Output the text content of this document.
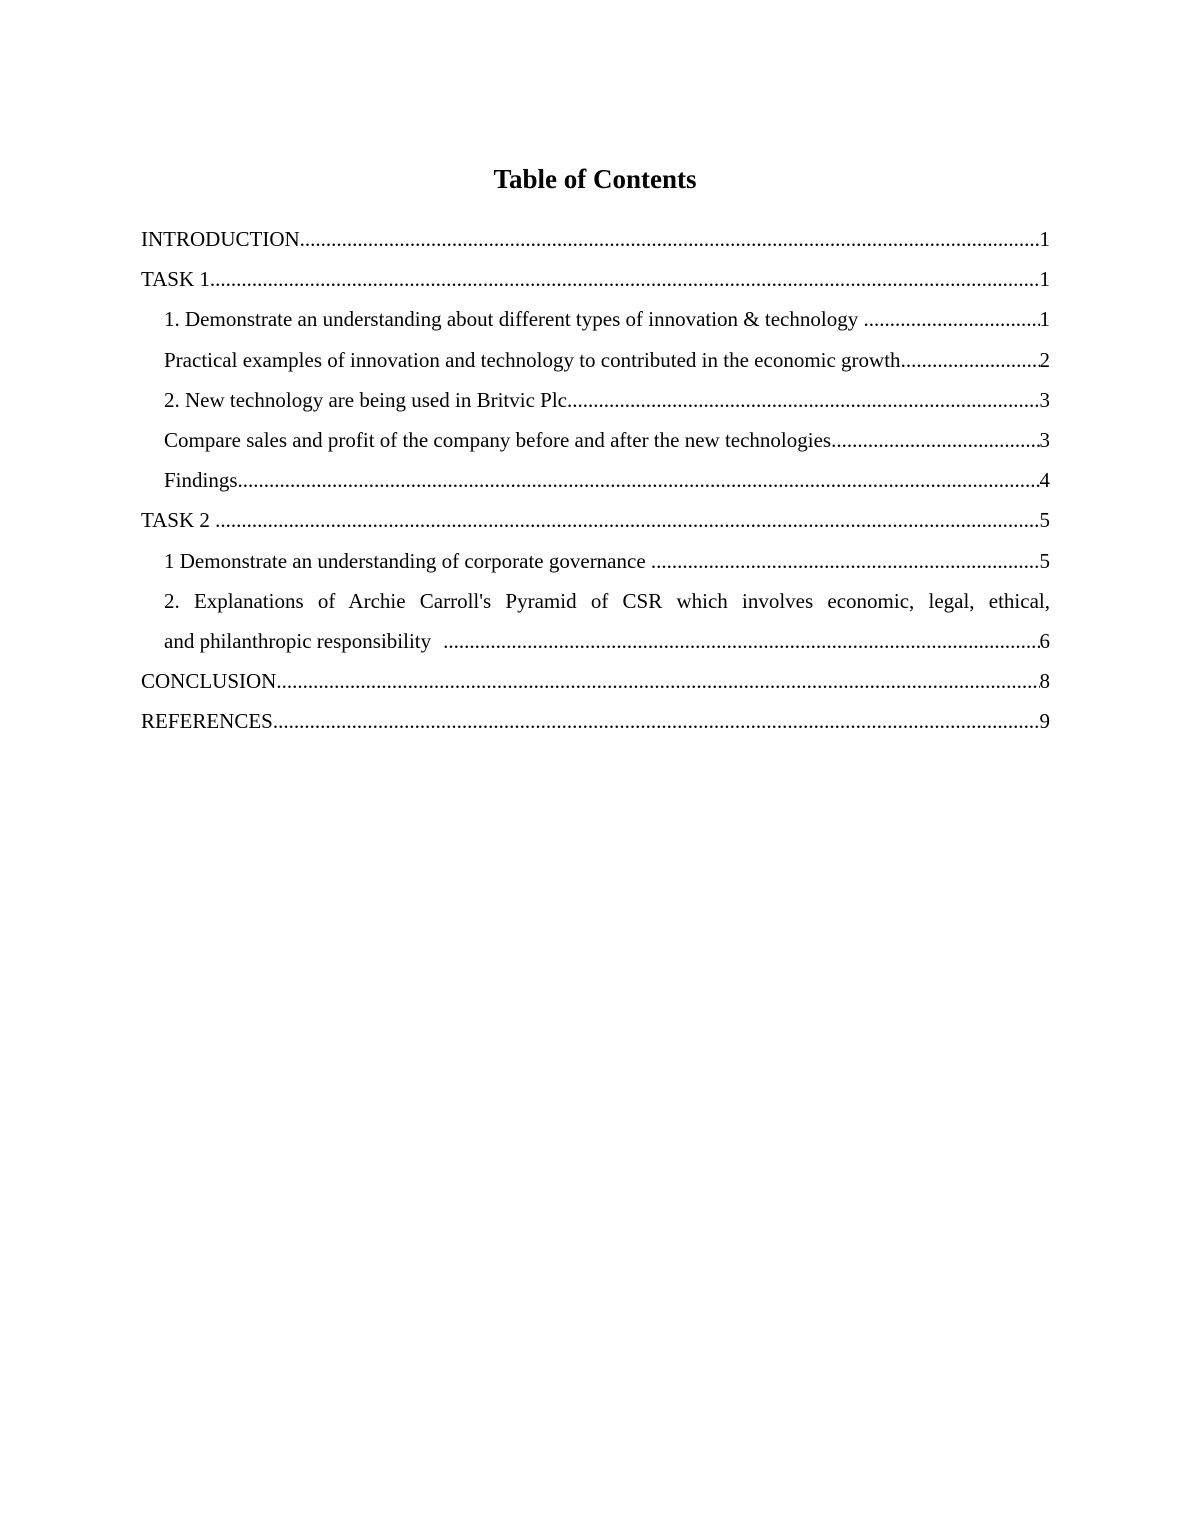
Table of Contents
INTRODUCTION .....	1
TASK 1 .....	1
1. Demonstrate an understanding about different types of innovation & technology .....	1
Practical examples of innovation and technology to contributed in the economic growth .....	2
2. New technology are being used in Britvic Plc .....	3
Compare sales and profit of the company before and after the new technologies .....	3
Findings .....	4
TASK 2 .....	5
1 Demonstrate an understanding of corporate governance .....	5
2. Explanations of Archie Carroll's Pyramid of CSR which involves economic, legal, ethical,
and philanthropic responsibility .....	6
CONCLUSION .....	8
REFERENCES .....	9
